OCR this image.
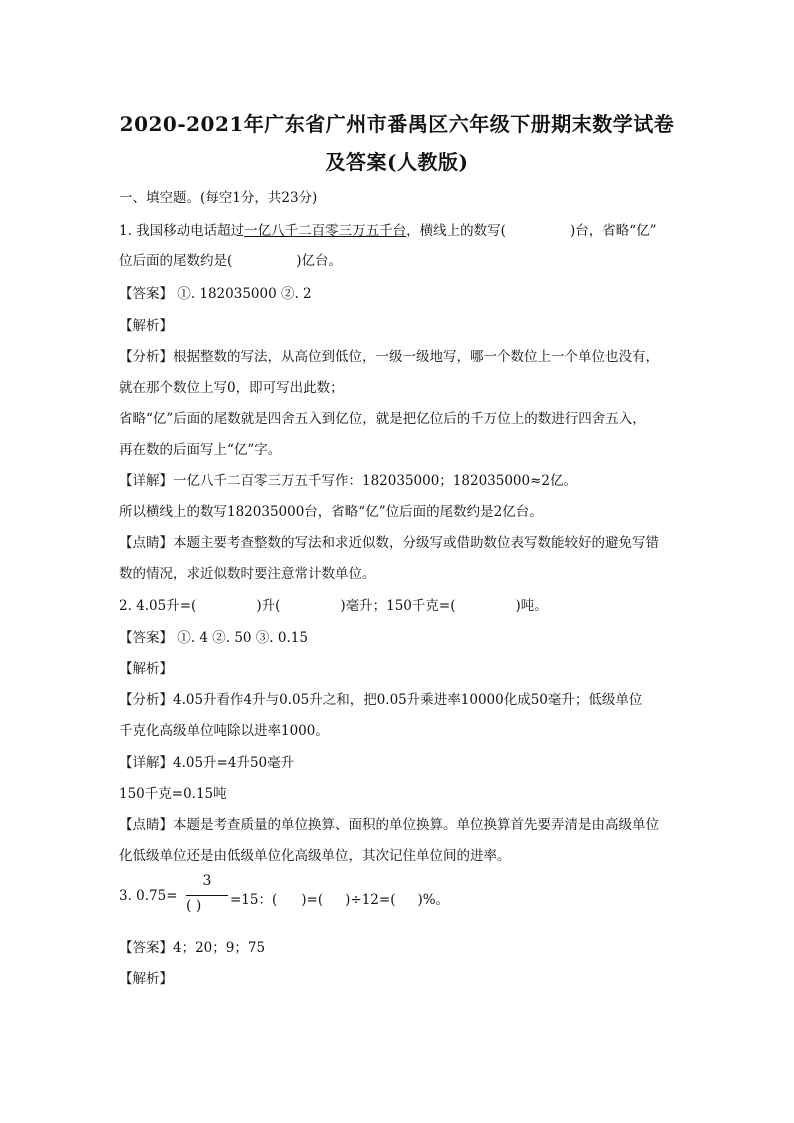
2020-2021年广东省广州市番禺区六年级下册期末数学试卷
及答案(人教版)
一、填空题。(每空1分，共23分)
1. 我国移动电话超过一亿八千二百零三万五千台，横线上的数写(	)台，省略“亿”
位后面的尾数约是(	)亿台。
【答案】 ①. 182035000 ②. 2
【解析】
【分析】根据整数的写法，从高位到低位，一级一级地写，哪一个数位上一个单位也没有，
就在那个数位上写0，即可写出此数；
省略“亿”后面的尾数就是四舍五入到亿位，就是把亿位后的千万位上的数进行四舍五入，
再在数的后面写上“亿”字。
【详解】一亿八千二百零三万五千写作：182035000；182035000≈2亿。
所以横线上的数写182035000台，省略“亿”位后面的尾数约是2亿台。
【点睛】本题主要考查整数的写法和求近似数，分级写或借助数位表写数能较好的避免写错
数的情况，求近似数时要注意常计数单位。
2. 4.05升=(	)升(	)毫升；150千克=(	)吨。
【答案】 ①. 4 ②. 50 ③. 0.15
【解析】
【分析】4.05升看作4升与0.05升之和，把0.05升乘进率10000化成50毫升；低级单位
千克化高级单位吨除以进率1000。
【详解】4.05升=4升50毫升
150千克=0.15吨
【点睛】本题是考查质量的单位换算、面积的单位换算。单位换算首先要弄清是由高级单位
化低级单位还是由低级单位化高级单位，其次记住单位间的进率。
3. 0.75=
3
( )	=15：( )=( )÷12=( )%。
【答案】4；20；9；75
【解析】
